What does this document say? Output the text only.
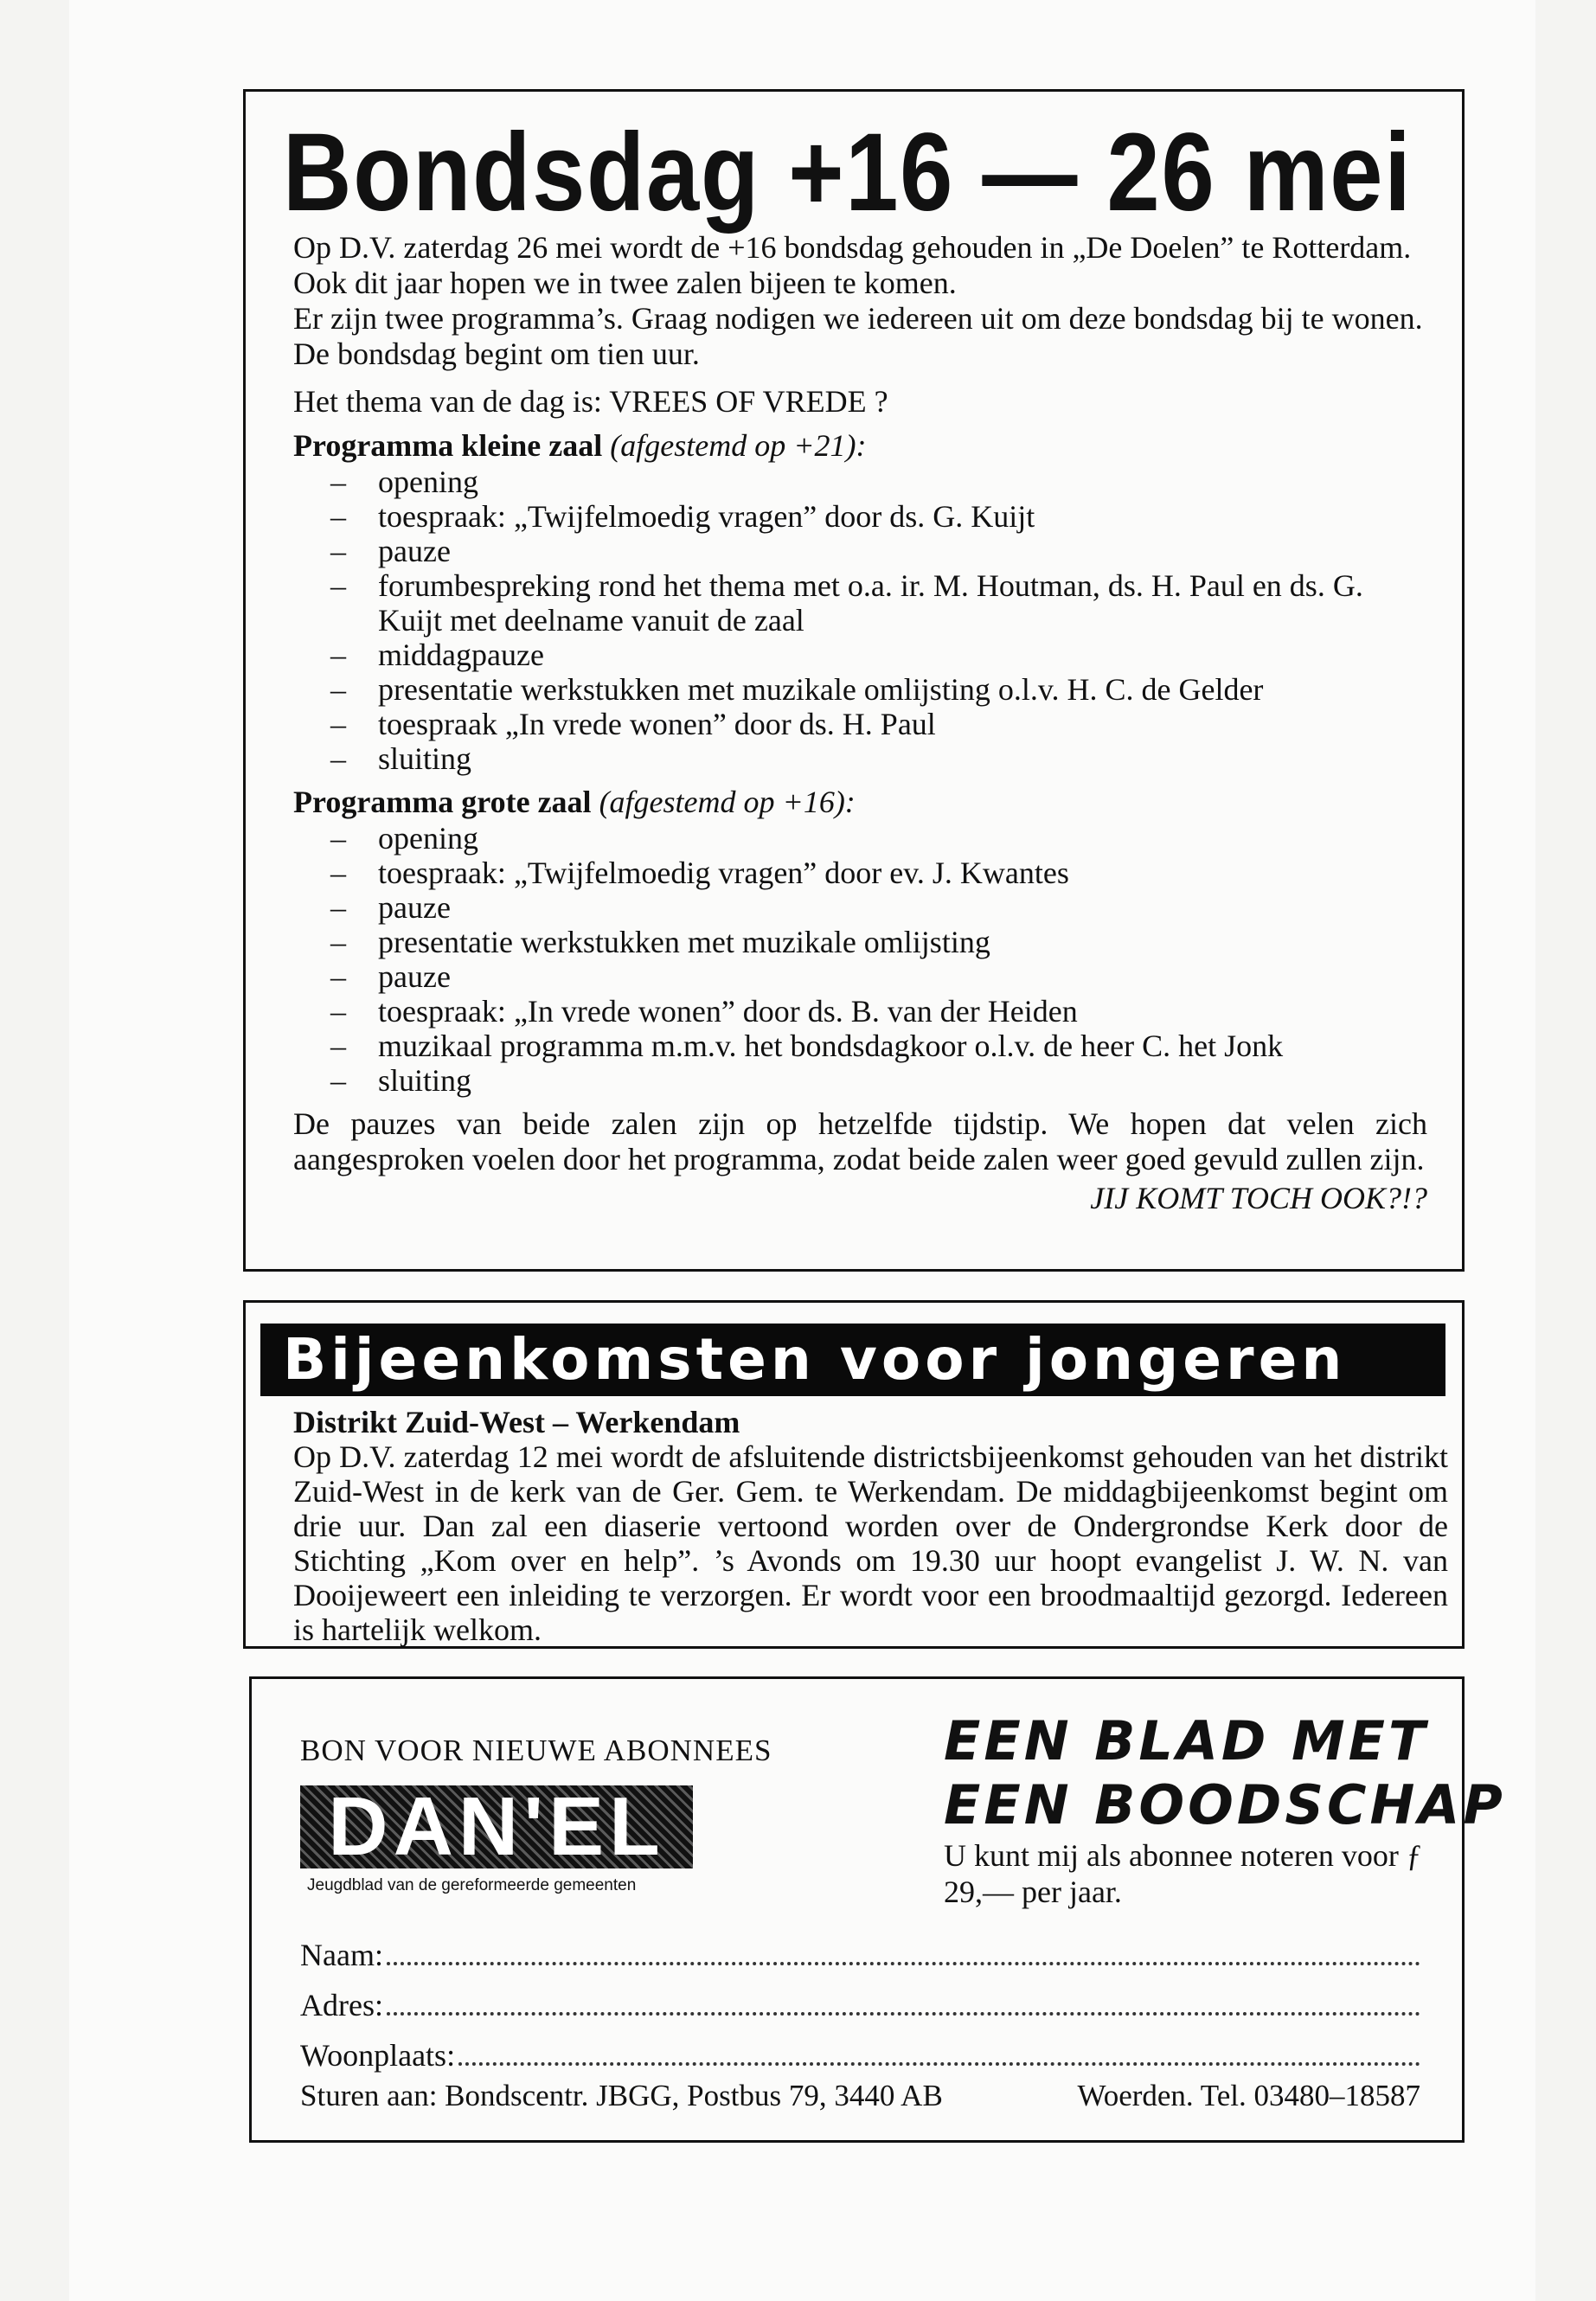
Bondsdag +16 — 26 mei

Op D.V. zaterdag 26 mei wordt de +16 bondsdag gehouden in „De Doelen” te Rotterdam. Ook dit jaar hopen we in twee zalen bijeen te komen.

Er zijn twee programma’s. Graag nodigen we iedereen uit om deze bondsdag bij te wonen. De bondsdag begint om tien uur.

Het thema van de dag is: VREES OF VREDE ?

Programma kleine zaal (afgestemd op +21):

– opening
– toespraak: „Twijfelmoedig vragen” door ds. G. Kuijt
– pauze
– forumbespreking rond het thema met o.a. ir. M. Houtman, ds. H. Paul en ds. G. Kuijt met deelname vanuit de zaal
– middagpauze
– presentatie werkstukken met muzikale omlijsting o.l.v. H. C. de Gelder
– toespraak „In vrede wonen” door ds. H. Paul
– sluiting

Programma grote zaal (afgestemd op +16):

– opening
– toespraak: „Twijfelmoedig vragen” door ev. J. Kwantes
– pauze
– presentatie werkstukken met muzikale omlijsting
– pauze
– toespraak: „In vrede wonen” door ds. B. van der Heiden
– muzikaal programma m.m.v. het bondsdagkoor o.l.v. de heer C. het Jonk
– sluiting

De pauzes van beide zalen zijn op hetzelfde tijdstip. We hopen dat velen zich aangesproken voelen door het programma, zodat beide zalen weer goed gevuld zullen zijn.

JIJ KOMT TOCH OOK?!?
Bijeenkomsten voor jongeren

Distrikt Zuid-West – Werkendam

Op D.V. zaterdag 12 mei wordt de afsluitende districtsbijeenkomst gehouden van het distrikt Zuid-West in de kerk van de Ger. Gem. te Werkendam. De middagbijeenkomst begint om drie uur. Dan zal een diaserie vertoond worden over de Ondergrondse Kerk door de Stichting „Kom over en help”. ’s Avonds om 19.30 uur hoopt evangelist J. W. N. van Dooijeweert een inleiding te verzorgen. Er wordt voor een broodmaaltijd gezorgd. Iedereen is hartelijk welkom.

BON VOOR NIEUWE ABONNEES
DAN'EL
Jeugdblad van de gereformeerde gemeenten
EEN BLAD MET
EEN BOODSCHAP
U kunt mij als abonnee noteren voor ƒ 29,— per jaar.
Naam:
Adres:
Woonplaats:
Sturen aan: Bondscentr. JBGG, Postbus 79, 3440 AB	Woerden. Tel. 03480–18587
